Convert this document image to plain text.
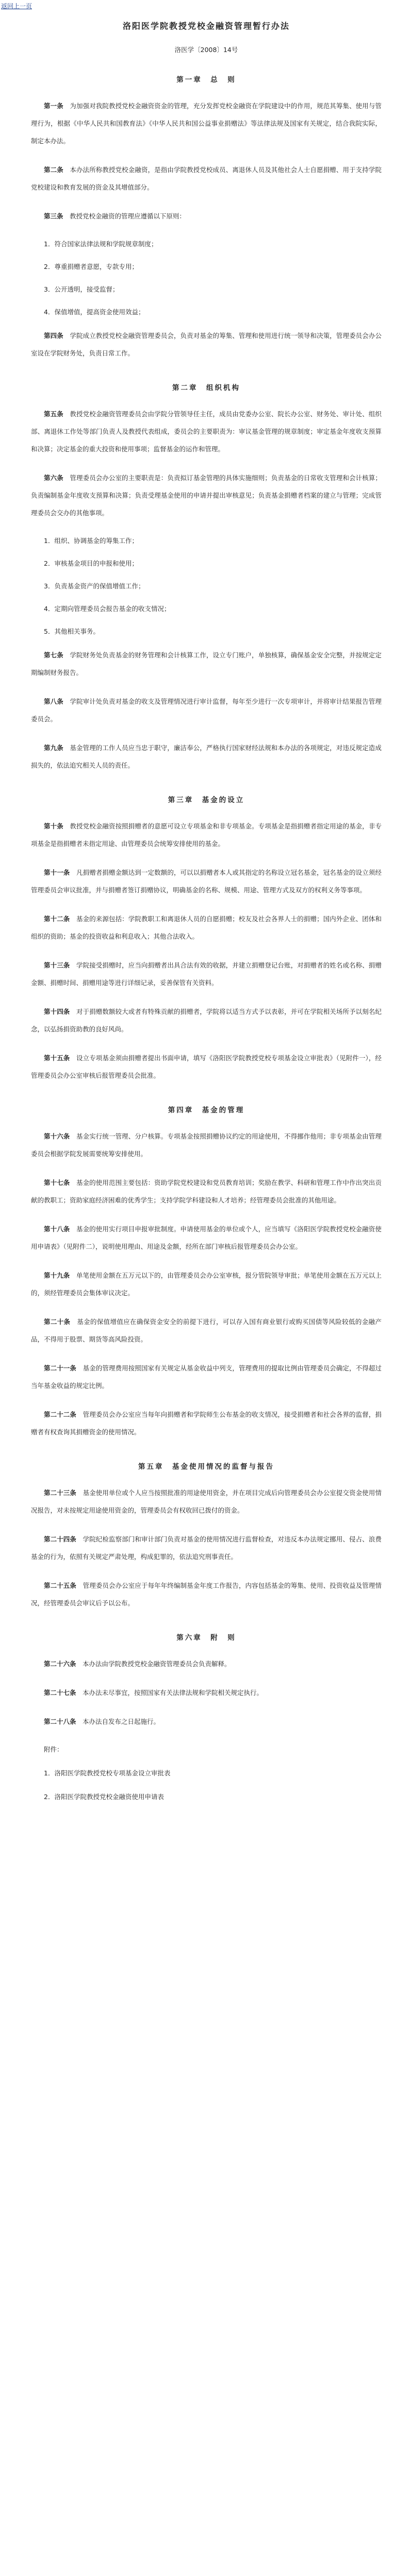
返回上一页
洛阳医学院教授党校金融资管理暂行办法
洛医学〔2008〕14号
第一章　总　则

第一条　 为加强对我院教授党校金融资资金的管理，充分发挥党校金融资在学院建设中的作用，规范其筹集、使用与管理行为，根据《中华人民共和国教育法》《中华人民共和国公益事业捐赠法》等法律法规及国家有关规定，结合我院实际，制定本办法。

第二条　 本办法所称教授党校金融资，是指由学院教授党校成员、离退休人员及其他社会人士自愿捐赠、用于支持学院党校建设和教育发展的资金及其增值部分。

第三条　 教授党校金融资的管理应遵循以下原则：

1．符合国家法律法规和学院规章制度；

2．尊重捐赠者意愿，专款专用；

3．公开透明，接受监督；

4．保值增值，提高资金使用效益；

第四条　 学院成立教授党校金融资管理委员会，负责对基金的筹集、管理和使用进行统一领导和决策，管理委员会办公室设在学院财务处，负责日常工作。

第二章　组织机构

第五条　 教授党校金融资管理委员会由学院分管领导任主任，成员由党委办公室、院长办公室、财务处、审计处、组织部、离退休工作处等部门负责人及教授代表组成，委员会的主要职责为：审议基金管理的规章制度；审定基金年度收支预算和决算；决定基金的重大投资和使用事项；监督基金的运作和管理。

第六条　 管理委员会办公室的主要职责是：负责拟订基金管理的具体实施细则；负责基金的日常收支管理和会计核算；负责编制基金年度收支预算和决算；负责受理基金使用的申请并提出审核意见；负责基金捐赠者档案的建立与管理；完成管理委员会交办的其他事项。

1．组织、协调基金的筹集工作；

2．审核基金项目的申报和使用；

3．负责基金资产的保值增值工作；

4．定期向管理委员会报告基金的收支情况；

5．其他相关事务。

第七条　 学院财务处负责基金的财务管理和会计核算工作，设立专门账户，单独核算，确保基金安全完整，并按规定定期编制财务报告。

第八条　 学院审计处负责对基金的收支及管理情况进行审计监督，每年至少进行一次专项审计，并将审计结果报告管理委员会。

第九条　 基金管理的工作人员应当忠于职守，廉洁奉公，严格执行国家财经法规和本办法的各项规定，对违反规定造成损失的，依法追究相关人员的责任。

第三章　基金的设立

第十条　 教授党校金融资按照捐赠者的意愿可设立专项基金和非专项基金。专项基金是指捐赠者指定用途的基金，非专项基金是指捐赠者未指定用途、由管理委员会统筹安排使用的基金。

第十一条　 凡捐赠者捐赠金额达到一定数额的，可以以捐赠者本人或其指定的名称设立冠名基金，冠名基金的设立须经管理委员会审议批准，并与捐赠者签订捐赠协议，明确基金的名称、规模、用途、管理方式及双方的权利义务等事项。

第十二条　 基金的来源包括：学院教职工和离退休人员的自愿捐赠；校友及社会各界人士的捐赠；国内外企业、团体和组织的资助；基金的投资收益和利息收入；其他合法收入。

第十三条　 学院接受捐赠时，应当向捐赠者出具合法有效的收据，并建立捐赠登记台账，对捐赠者的姓名或名称、捐赠金额、捐赠时间、捐赠用途等进行详细记录，妥善保管有关资料。

第十四条　 对于捐赠数额较大或者有特殊贡献的捐赠者，学院将以适当方式予以表彰，并可在学院相关场所予以刻名纪念，以弘扬捐资助教的良好风尚。

第十五条　 设立专项基金须由捐赠者提出书面申请，填写《洛阳医学院教授党校专项基金设立审批表》（见附件一），经管理委员会办公室审核后报管理委员会批准。

第四章　基金的管理

第十六条　 基金实行统一管理、分户核算。专项基金按照捐赠协议约定的用途使用，不得挪作他用；非专项基金由管理委员会根据学院发展需要统筹安排使用。

第十七条　 基金的使用范围主要包括：资助学院党校建设和党员教育培训；奖励在教学、科研和管理工作中作出突出贡献的教职工；资助家庭经济困难的优秀学生；支持学院学科建设和人才培养；经管理委员会批准的其他用途。

第十八条　 基金的使用实行项目申报审批制度。申请使用基金的单位或个人，应当填写《洛阳医学院教授党校金融资使用申请表》（见附件二），说明使用理由、用途及金额，经所在部门审核后报管理委员会办公室。

第十九条　 单笔使用金额在五万元以下的，由管理委员会办公室审核，报分管院领导审批；单笔使用金额在五万元以上的，须经管理委员会集体审议决定。

第二十条　 基金的保值增值应在确保资金安全的前提下进行，可以存入国有商业银行或购买国债等风险较低的金融产品，不得用于股票、期货等高风险投资。

第二十一条　 基金的管理费用按照国家有关规定从基金收益中列支，管理费用的提取比例由管理委员会确定，不得超过当年基金收益的规定比例。

第二十二条　 管理委员会办公室应当每年向捐赠者和学院师生公布基金的收支情况，接受捐赠者和社会各界的监督，捐赠者有权查询其捐赠资金的使用情况。

第五章　基金使用情况的监督与报告

第二十三条　 基金使用单位或个人应当按照批准的用途使用资金，并在项目完成后向管理委员会办公室提交资金使用情况报告，对未按规定用途使用资金的，管理委员会有权收回已拨付的资金。

第二十四条　 学院纪检监察部门和审计部门负责对基金的使用情况进行监督检查，对违反本办法规定挪用、侵占、浪费基金的行为，依照有关规定严肃处理，构成犯罪的，依法追究刑事责任。

第二十五条　 管理委员会办公室应于每年年终编制基金年度工作报告，内容包括基金的筹集、使用、投资收益及管理情况，经管理委员会审议后予以公布。

第六章　附　则

第二十六条　 本办法由学院教授党校金融资管理委员会负责解释。

第二十七条　 本办法未尽事宜，按照国家有关法律法规和学院相关规定执行。

第二十八条　 本办法自发布之日起施行。

附件：

1．洛阳医学院教授党校专项基金设立审批表

2．洛阳医学院教授党校金融资使用申请表
